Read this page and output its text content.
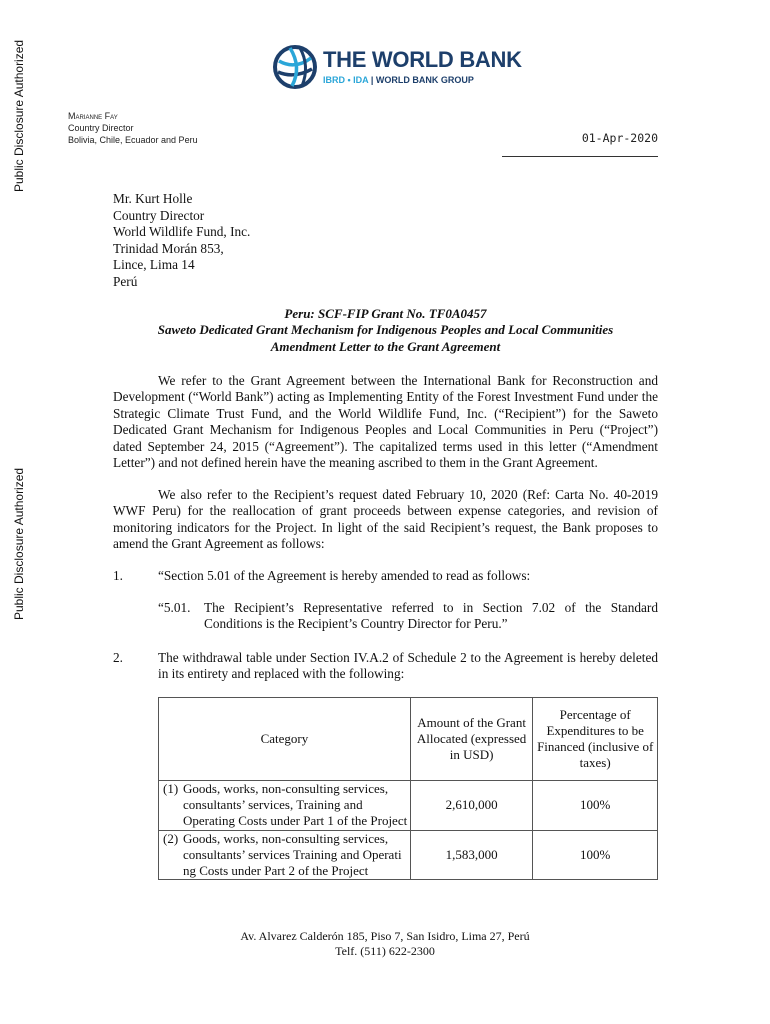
Public Disclosure Authorized
Public Disclosure Authorized
THE WORLD BANK
IBRD • IDA | WORLD BANK GROUP
Marianne Fay
Country Director
Bolivia, Chile, Ecuador and Peru	01-Apr-2020
Mr. Kurt Holle
Country Director
World Wildlife Fund, Inc.
Trinidad Morán 853,
Lince, Lima 14
Perú
Peru: SCF-FIP Grant No. TF0A0457
Saweto Dedicated Grant Mechanism for Indigenous Peoples and Local Communities
Amendment Letter to the Grant Agreement

We refer to the Grant Agreement between the International Bank for Reconstruction and Development (“World Bank”) acting as Implementing Entity of the Forest Investment Fund under the Strategic Climate Trust Fund, and the World Wildlife Fund, Inc. (“Recipient”) for the Saweto Dedicated Grant Mechanism for Indigenous Peoples and Local Communities in Peru (“Project”) dated September 24, 2015 (“Agreement”). The capitalized terms used in this letter (“Amendment Letter”) and not defined herein have the meaning ascribed to them in the Grant Agreement.

We also refer to the Recipient’s request dated February 10, 2020 (Ref: Carta No. 40-2019 WWF Peru) for the reallocation of grant proceeds between expense categories, and revision of monitoring indicators for the Project. In light of the said Recipient’s request, the Bank proposes to amend the Grant Agreement as follows:

1.	“Section 5.01 of the Agreement is hereby amended to read as follows:
“5.01.	The Recipient’s Representative referred to in Section 7.02 of the Standard Conditions is the Recipient’s Country Director for Peru.”
2.	The withdrawal table under Section IV.A.2 of Schedule 2 to the Agreement is hereby deleted in its entirety and replaced with the following:
Category	Amount of the Grant Allocated (expressed in USD)	Percentage of Expenditures to be Financed (inclusive of taxes)

(1) Goods, works, non-consulting services, consultants’ services, Training and Operating Costs under Part 1 of the Project	2,610,000	100%

(2) Goods, works, non-consulting services, consultants’ services Training and Operati ng Costs under Part 2 of the Project	1,583,000	100%
Av. Alvarez Calderón 185, Piso 7, San Isidro, Lima 27, Perú
Telf. (511) 622-2300
